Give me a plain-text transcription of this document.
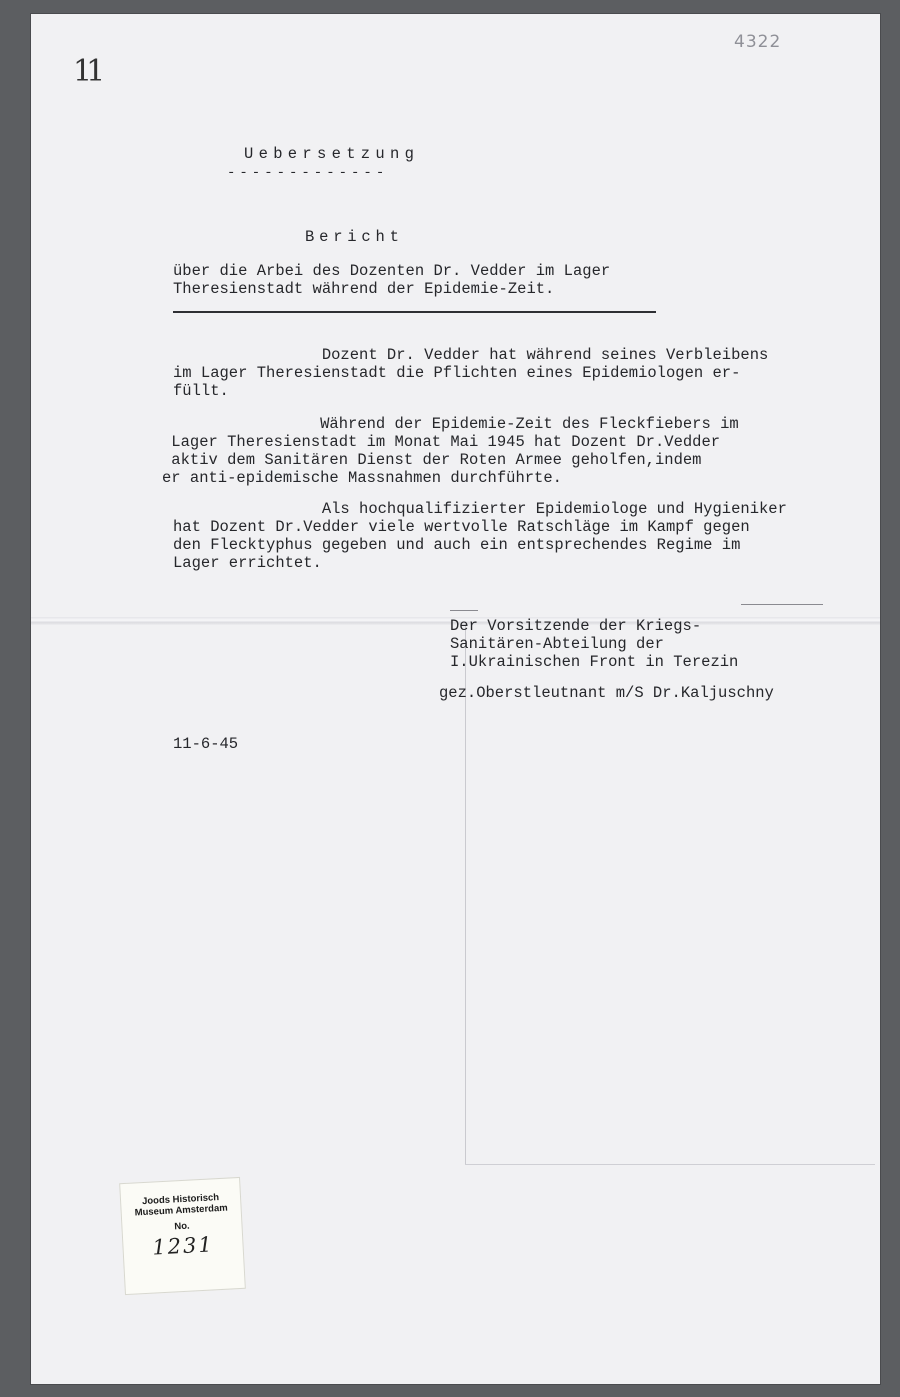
11
4322
Uebersetzung
-------------
Bericht
über die Arbei des Dozenten Dr. Vedder im Lager
Theresienstadt während der Epidemie-Zeit.
Dozent Dr. Vedder hat während seines Verbleibens
im Lager Theresienstadt die Pflichten eines Epidemiologen er-
füllt.
Während der Epidemie-Zeit des Fleckfiebers im
Lager Theresienstadt im Monat Mai 1945 hat Dozent Dr.Vedder
aktiv dem Sanitären Dienst der Roten Armee geholfen,indem
er anti-epidemische Massnahmen durchführte.
Als hochqualifizierter Epidemiologe und Hygieniker
hat Dozent Dr.Vedder viele wertvolle Ratschläge im Kampf gegen
den Flecktyphus gegeben und auch ein entsprechendes Regime im
Lager errichtet.
Der Vorsitzende der Kriegs-
Sanitären-Abteilung der
I.Ukrainischen Front in Terezin
gez.Oberstleutnant m/S Dr.Kaljuschny
11-6-45
Joods Historisch
Museum Amsterdam
No.
1231
